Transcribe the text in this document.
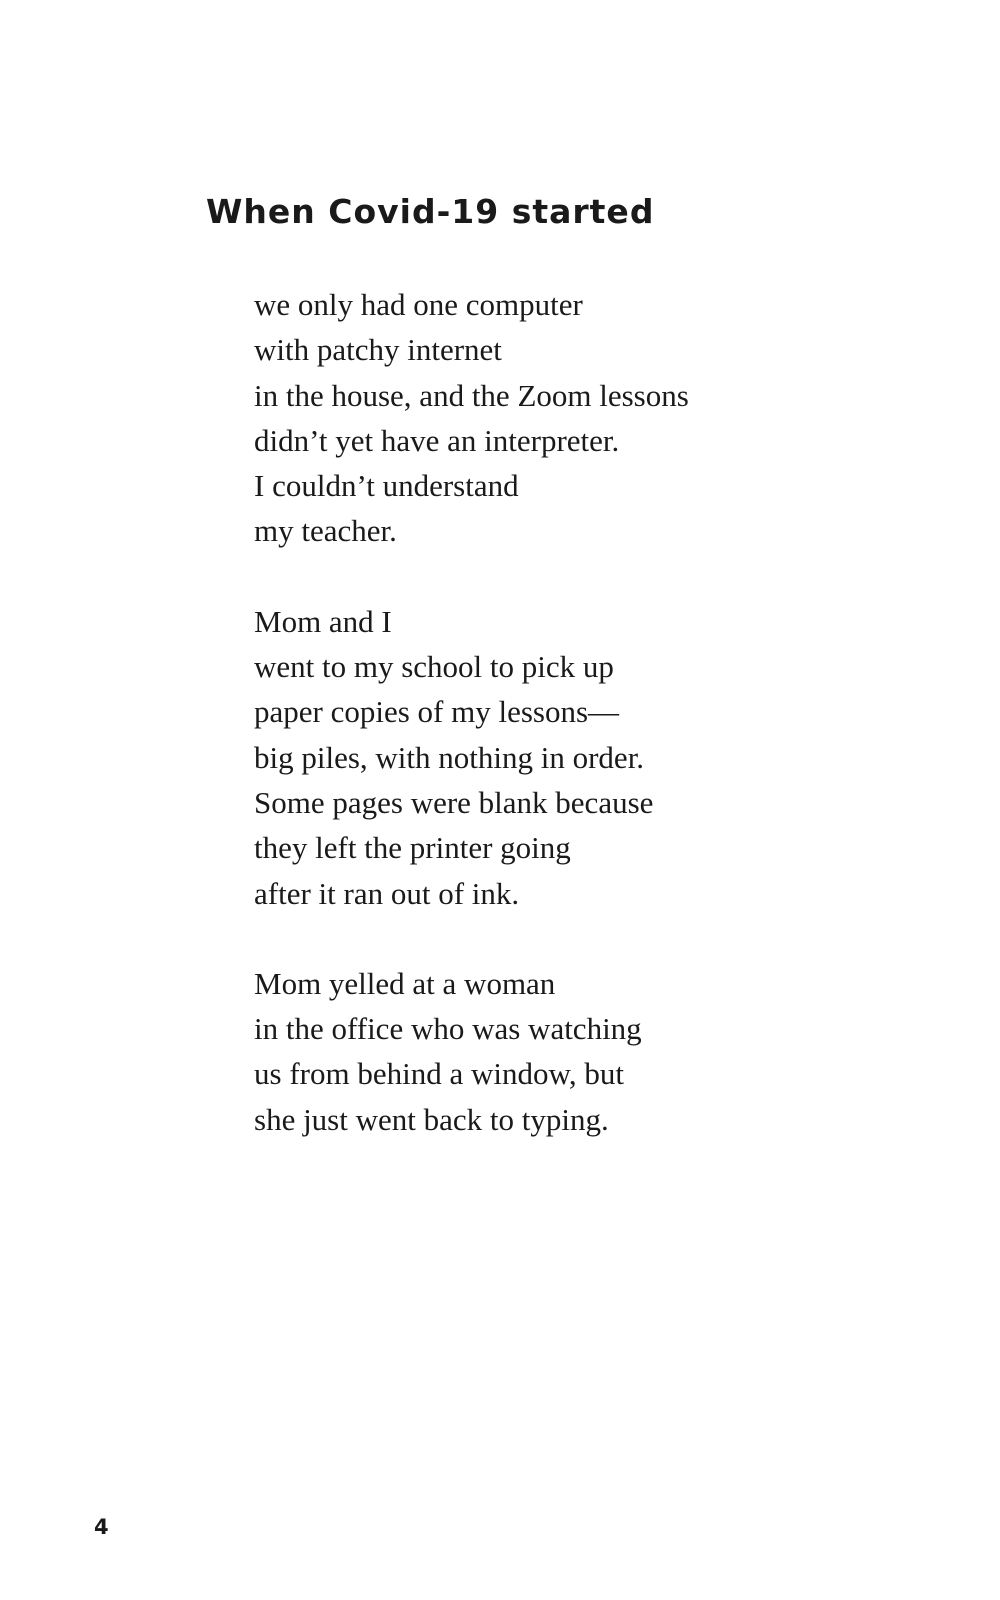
When Covid-19 started
we only had one computer
with patchy internet
in the house, and the Zoom lessons
didn’t yet have an interpreter.
I couldn’t understand
my teacher.
Mom and I
went to my school to pick up
paper copies of my lessons—
big piles, with nothing in order.
Some pages were blank because
they left the printer going
after it ran out of ink.
Mom yelled at a woman
in the office who was watching
us from behind a window, but
she just went back to typing.
4
